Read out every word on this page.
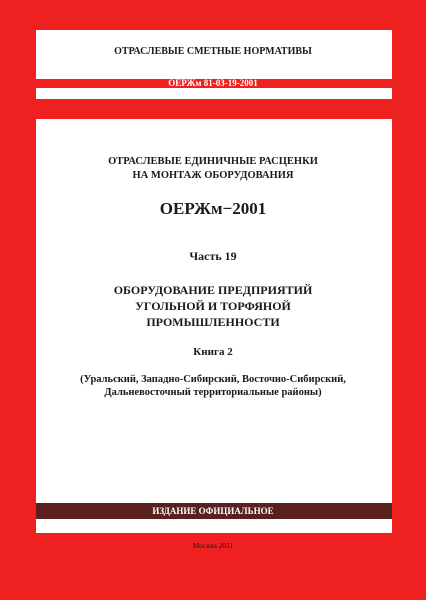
ОЕРЖм 81-03-19-2001
ОТРАСЛЕВЫЕ СМЕТНЫЕ НОРМАТИВЫ
ОТРАСЛЕВЫЕ ЕДИНИЧНЫЕ РАСЦЕНКИ
НА МОНТАЖ ОБОРУДОВАНИЯ
ОЕРЖм−2001
Часть 19
ОБОРУДОВАНИЕ ПРЕДПРИЯТИЙ
УГОЛЬНОЙ И ТОРФЯНОЙ
ПРОМЫШЛЕННОСТИ
Книга 2
(Уральский, Западно-Сибирский, Восточно-Сибирский,
Дальневосточный территориальные районы)
ИЗДАНИЕ ОФИЦИАЛЬНОЕ
Москва 2011
